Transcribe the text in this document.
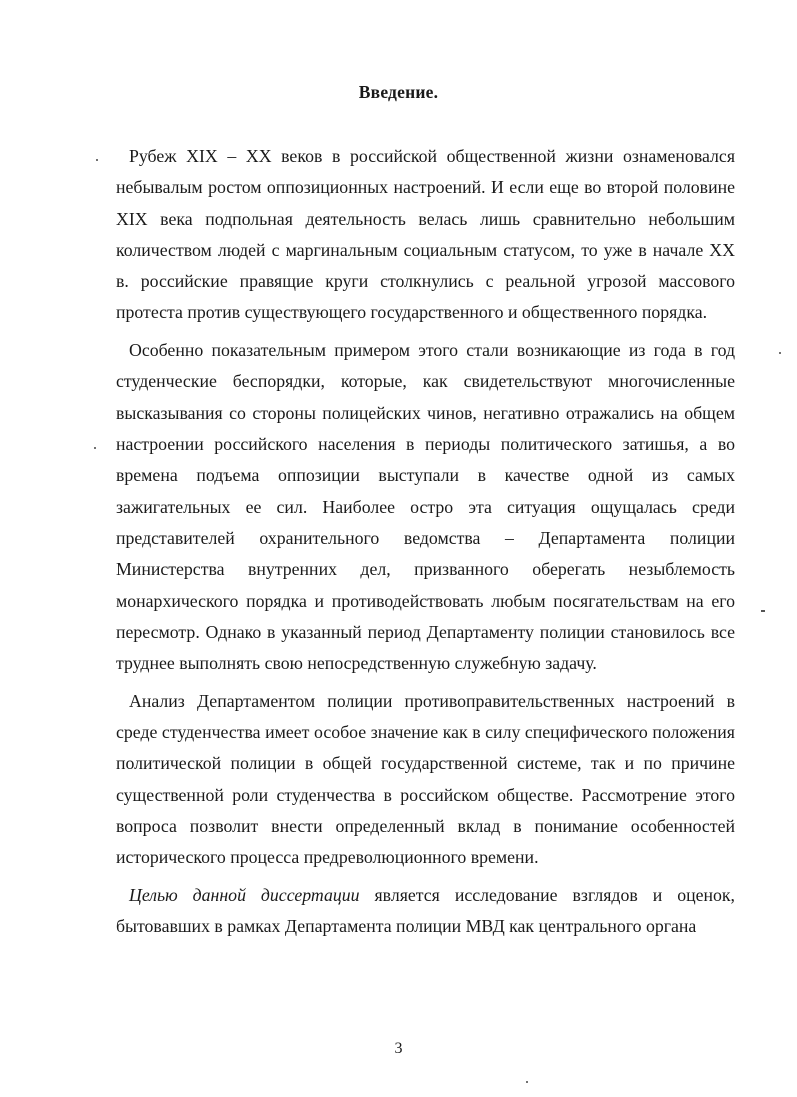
Введение.

Рубеж XIX – XX веков в российской общественной жизни ознаменовался небывалым ростом оппозиционных настроений. И если еще во второй половине XIX века подпольная деятельность велась лишь сравнительно небольшим количеством людей с маргинальным социальным статусом, то уже в начале XX в. российские правящие круги столкнулись с реальной угрозой массового протеста против существующего государственного и общественного порядка.

Особенно показательным примером этого стали возникающие из года в год студенческие беспорядки, которые, как свидетельствуют многочисленные высказывания со стороны полицейских чинов, негативно отражались на общем настроении российского населения в периоды политического затишья, а во времена подъема оппозиции выступали в качестве одной из самых зажигательных ее сил. Наиболее остро эта ситуация ощущалась среди представителей охранительного ведомства – Департамента полиции Министерства внутренних дел, призванного оберегать незыблемость монархического порядка и противодействовать любым посягательствам на его пересмотр. Однако в указанный период Департаменту полиции становилось все труднее выполнять свою непосредственную служебную задачу.

Анализ Департаментом полиции противоправительственных настроений в среде студенчества имеет особое значение как в силу специфического положения политической полиции в общей государственной системе, так и по причине существенной роли студенчества в российском обществе. Рассмотрение этого вопроса позволит внести определенный вклад в понимание особенностей исторического процесса предреволюционного времени.

Целью данной диссертации является исследование взглядов и оценок, бытовавших в рамках Департамента полиции МВД как центрального органа

3
